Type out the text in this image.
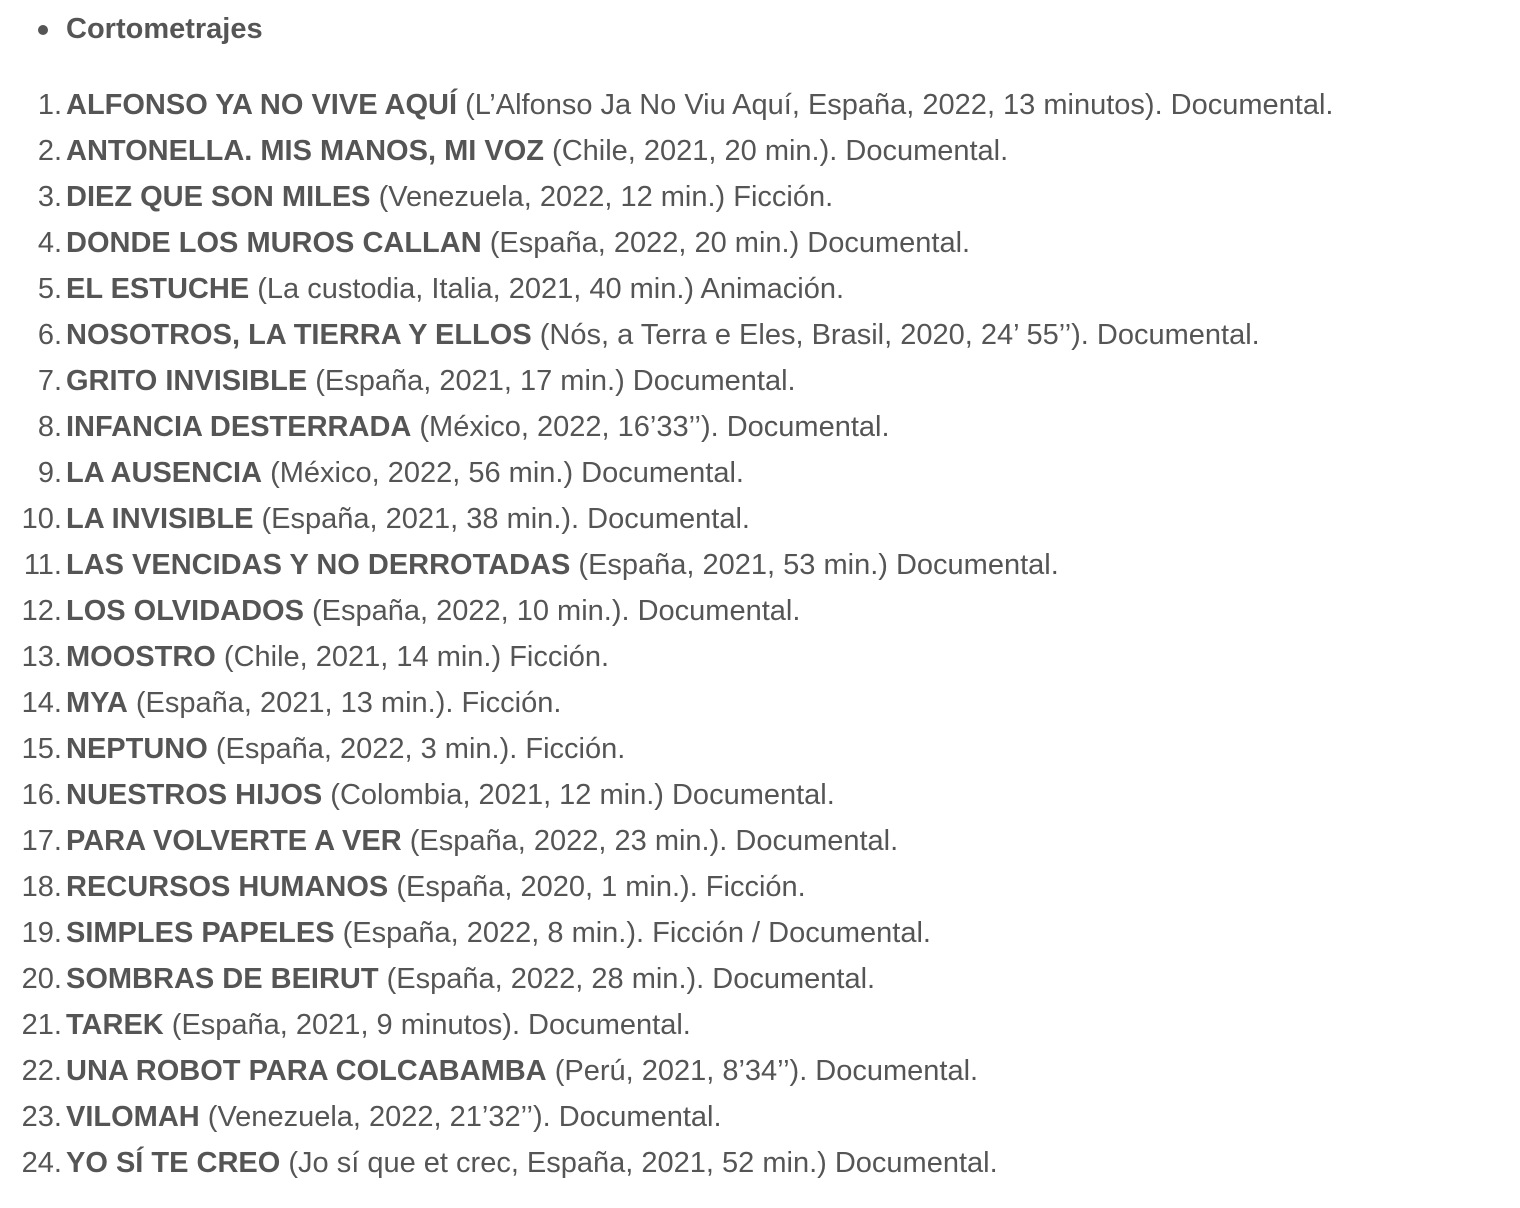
Cortometrajes
1. ALFONSO YA NO VIVE AQUÍ (L’Alfonso Ja No Viu Aquí, España, 2022, 13 minutos). Documental.
2. ANTONELLA. MIS MANOS, MI VOZ (Chile, 2021, 20 min.). Documental.
3. DIEZ QUE SON MILES (Venezuela, 2022, 12 min.) Ficción.
4. DONDE LOS MUROS CALLAN (España, 2022, 20 min.) Documental.
5. EL ESTUCHE (La custodia, Italia, 2021, 40 min.) Animación.
6. NOSOTROS, LA TIERRA Y ELLOS (Nós, a Terra e Eles, Brasil, 2020, 24’ 55’’). Documental.
7. GRITO INVISIBLE (España, 2021, 17 min.) Documental.
8. INFANCIA DESTERRADA (México, 2022, 16’33’’). Documental.
9. LA AUSENCIA (México, 2022, 56 min.) Documental.
10. LA INVISIBLE (España, 2021, 38 min.). Documental.
11. LAS VENCIDAS Y NO DERROTADAS (España, 2021, 53 min.) Documental.
12. LOS OLVIDADOS (España, 2022, 10 min.). Documental.
13. MOOSTRO (Chile, 2021, 14 min.) Ficción.
14. MYA (España, 2021, 13 min.). Ficción.
15. NEPTUNO (España, 2022, 3 min.). Ficción.
16. NUESTROS HIJOS (Colombia, 2021, 12 min.) Documental.
17. PARA VOLVERTE A VER (España, 2022, 23 min.). Documental.
18. RECURSOS HUMANOS (España, 2020, 1 min.). Ficción.
19. SIMPLES PAPELES (España, 2022, 8 min.). Ficción / Documental.
20. SOMBRAS DE BEIRUT (España, 2022, 28 min.). Documental.
21. TAREK (España, 2021, 9 minutos). Documental.
22. UNA ROBOT PARA COLCABAMBA (Perú, 2021, 8’34’’). Documental.
23. VILOMAH (Venezuela, 2022, 21’32’’). Documental.
24. YO SÍ TE CREO (Jo sí que et crec, España, 2021, 52 min.) Documental.
